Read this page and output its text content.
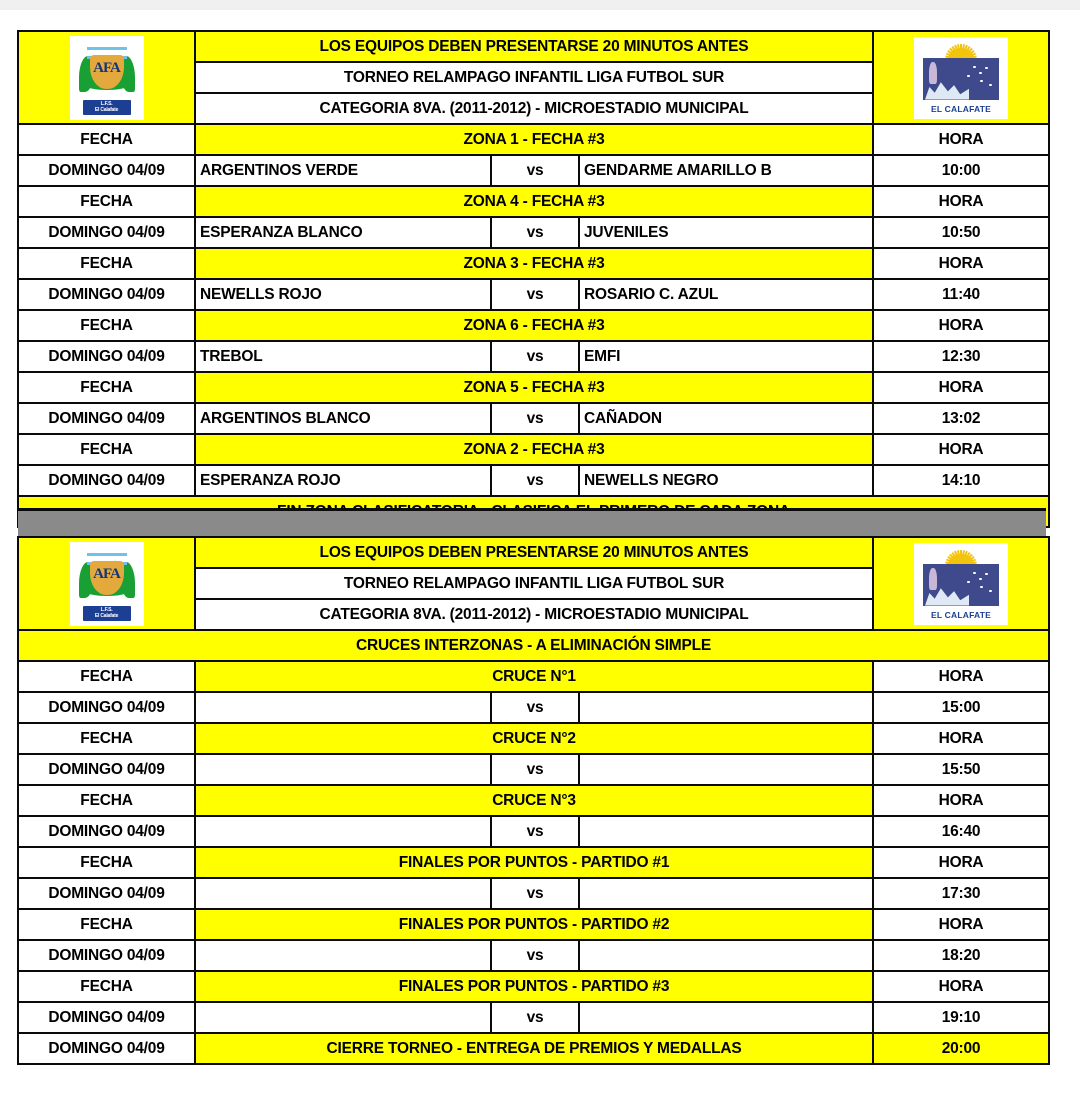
AFA
L.F.S.
El Calafate	LOS EQUIPOS DEBEN PRESENTARSE 20 MINUTOS ANTES			EL CALAFATE

	TORNEO RELAMPAGO INFANTIL LIGA FUTBOL SUR			
	CATEGORIA 8VA. (2011-2012) - MICROESTADIO MUNICIPAL			
FECHA	ZONA 1 - FECHA #3			HORA
DOMINGO 04/09	ARGENTINOS VERDE	vs	GENDARME AMARILLO B	10:00
FECHA	ZONA 4 - FECHA #3			HORA
DOMINGO 04/09	ESPERANZA BLANCO	vs	JUVENILES	10:50
FECHA	ZONA 3 - FECHA #3			HORA
DOMINGO 04/09	NEWELLS ROJO	vs	ROSARIO C. AZUL	11:40
FECHA	ZONA 6 - FECHA #3			HORA
DOMINGO 04/09	TREBOL	vs	EMFI	12:30
FECHA	ZONA 5 - FECHA #3			HORA
DOMINGO 04/09	ARGENTINOS BLANCO	vs	CAÑADON	13:02
FECHA	ZONA 2 - FECHA #3			HORA
DOMINGO 04/09	ESPERANZA ROJO	vs	NEWELLS NEGRO	14:10

AFA
L.F.S.
El Calafate	LOS EQUIPOS DEBEN PRESENTARSE 20 MINUTOS ANTES			EL CALAFATE

	TORNEO RELAMPAGO INFANTIL LIGA FUTBOL SUR			
	CATEGORIA 8VA. (2011-2012) - MICROESTADIO MUNICIPAL			
CRUCES INTERZONAS - A ELIMINACIÓN SIMPLE				
FECHA	CRUCE N°1			HORA
DOMINGO 04/09		vs		15:00
FECHA	CRUCE N°2			HORA
DOMINGO 04/09		vs		15:50
FECHA	CRUCE N°3			HORA
DOMINGO 04/09		vs		16:40
FECHA	FINALES POR PUNTOS - PARTIDO #1			HORA
DOMINGO 04/09		vs		17:30
FECHA	FINALES POR PUNTOS - PARTIDO #2			HORA
DOMINGO 04/09		vs		18:20
FECHA	FINALES POR PUNTOS - PARTIDO #3			HORA
DOMINGO 04/09		vs		19:10
DOMINGO 04/09	CIERRE TORNEO - ENTREGA DE PREMIOS Y MEDALLAS			20:00
